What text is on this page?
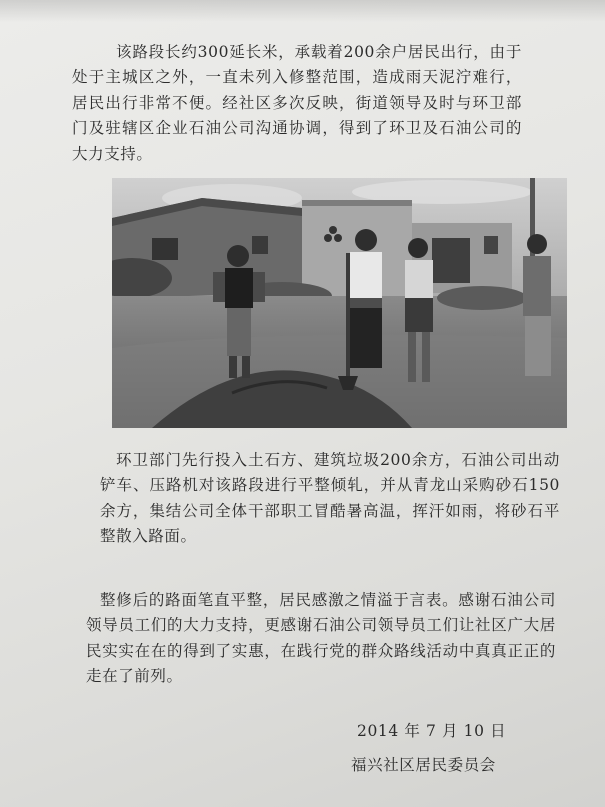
该路段长约300延长米，承载着200余户居民出行，由于处于主城区之外，一直未列入修整范围，造成雨天泥泞难行，居民出行非常不便。经社区多次反映，街道领导及时与环卫部门及驻辖区企业石油公司沟通协调，得到了环卫及石油公司的大力支持。

环卫部门先行投入土石方、建筑垃圾200余方，石油公司出动铲车、压路机对该路段进行平整倾轧，并从青龙山采购砂石150余方，集结公司全体干部职工冒酷暑高温，挥汗如雨，将砂石平整散入路面。

整修后的路面笔直平整，居民感激之情溢于言表。感谢石油公司领导员工们的大力支持，更感谢石油公司领导员工们让社区广大居民实实在在的得到了实惠，在践行党的群众路线活动中真真正正的走在了前列。

2014 年 7 月 10 日
福兴社区居民委员会
